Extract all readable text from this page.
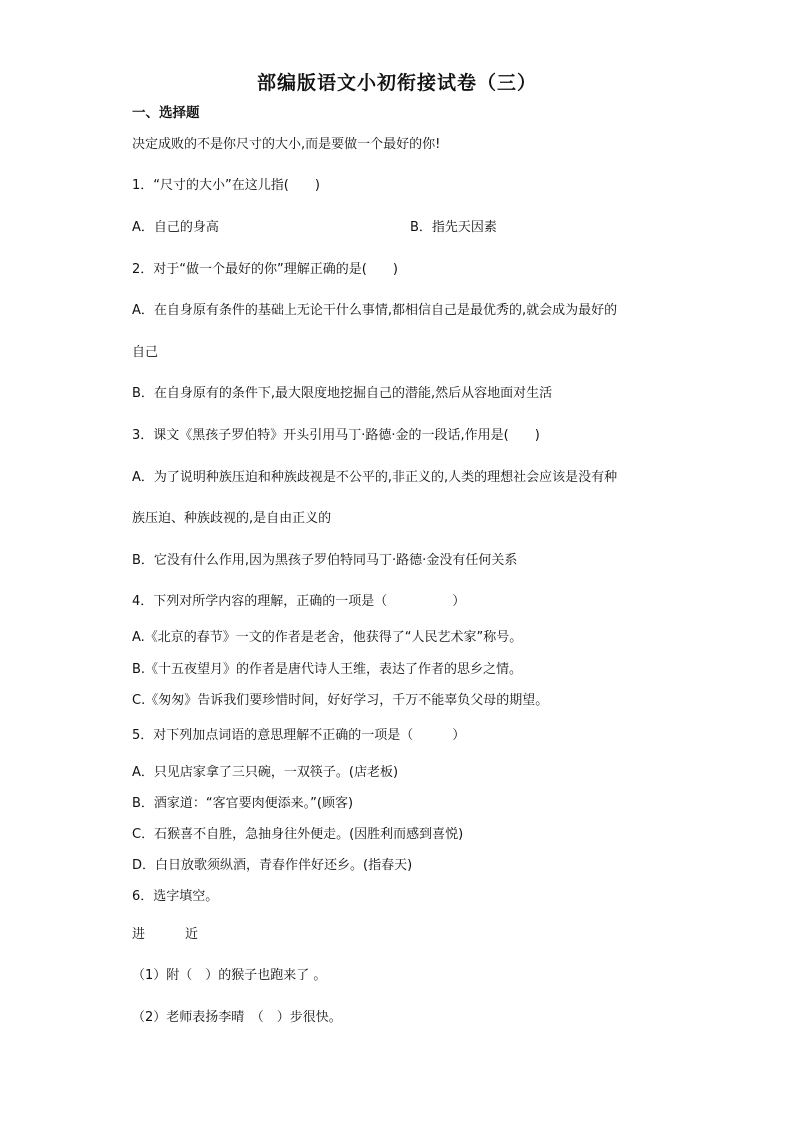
部编版语文小初衔接试卷（三）
一、选择题
决定成败的不是你尺寸的大小,而是要做一个最好的你!
1．“尺寸的大小”在这儿指(　　)
A．自己的身高	B．指先天因素
2．对于“做一个最好的你”理解正确的是(　　)
A．在自身原有条件的基础上无论干什么事情,都相信自己是最优秀的,就会成为最好的
自己
B．在自身原有的条件下,最大限度地挖掘自己的潜能,然后从容地面对生活
3．课文《黑孩子罗伯特》开头引用马丁·路德·金的一段话,作用是(　　)
A．为了说明种族压迫和种族歧视是不公平的,非正义的,人类的理想社会应该是没有种
族压迫、种族歧视的,是自由正义的
B．它没有什么作用,因为黑孩子罗伯特同马丁·路德·金没有任何关系
4．下列对所学内容的理解，正确的一项是（　　　　　）
A.《北京的春节》一文的作者是老舍，他获得了“人民艺术家”称号。
B.《十五夜望月》的作者是唐代诗人王维，表达了作者的思乡之情。
C.《匆匆》告诉我们要珍惜时间，好好学习，千万不能辜负父母的期望。
5．对下列加点词语的意思理解不正确的一项是（　　　）
A．只见店家拿了三只碗，一双筷子。(店老板)
B．酒家道：“客官要肉便添来。”(顾客)
C．石猴喜不自胜，急抽身往外便走。(因胜利而感到喜悦)
D．白日放歌须纵酒，青春作伴好还乡。(指春天)
6．选字填空。
进	近
（1）附（　）的猴子也跑来了 。
（2）老师表扬李晴　（　）步很快。
